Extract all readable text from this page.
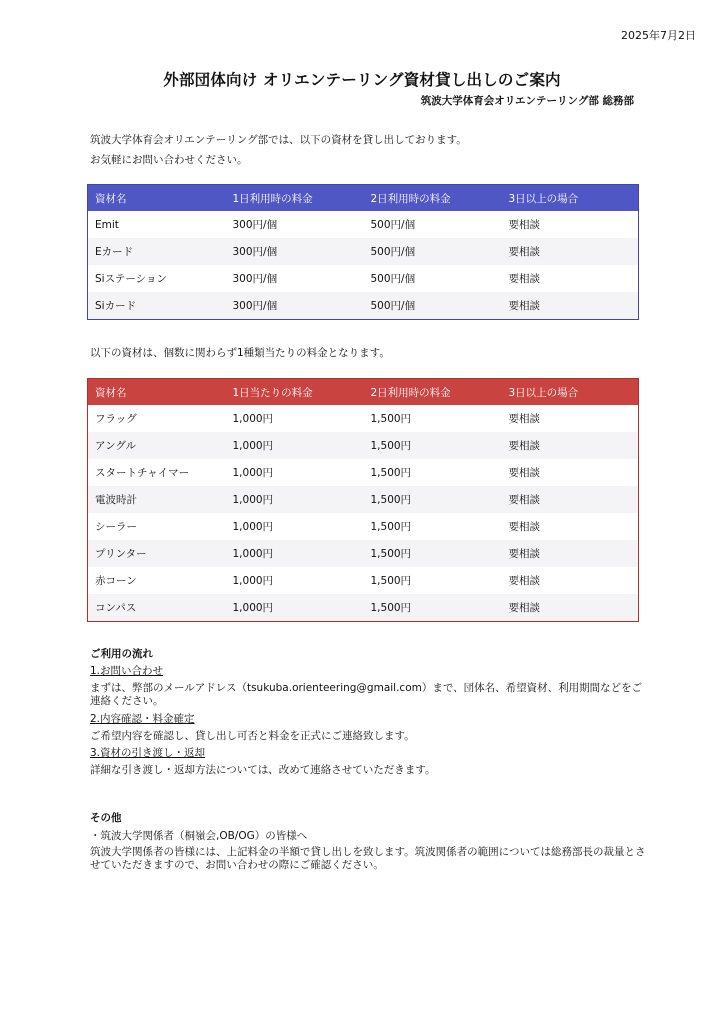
2025年7月2日
外部団体向け オリエンテーリング資材貸し出しのご案内
筑波大学体育会オリエンテーリング部 総務部
筑波大学体育会オリエンテーリング部では、以下の資材を貸し出しております。
お気軽にお問い合わせください。
資材名	1日利用時の料金	2日利用時の料金	3日以上の場合
Emit	300円/個	500円/個	要相談
Eカード	300円/個	500円/個	要相談
Siステーション	300円/個	500円/個	要相談
Siカード	300円/個	500円/個	要相談
以下の資材は、個数に関わらず1種類当たりの料金となります。
資材名	1日当たりの料金	2日利用時の料金	3日以上の場合
フラッグ	1,000円	1,500円	要相談
アングル	1,000円	1,500円	要相談
スタートチャイマー	1,000円	1,500円	要相談
電波時計	1,000円	1,500円	要相談
シーラー	1,000円	1,500円	要相談
プリンター	1,000円	1,500円	要相談
赤コーン	1,000円	1,500円	要相談
コンパス	1,000円	1,500円	要相談
ご利用の流れ
1.お問い合わせ
まずは、弊部のメールアドレス（tsukuba.orienteering@gmail.com）まで、団体名、希望資材、利用期間などをご連絡ください。
2.内容確認・料金確定
ご希望内容を確認し、貸し出し可否と料金を正式にご連絡致します。
3.資材の引き渡し・返却
詳細な引き渡し・返却方法については、改めて連絡させていただきます。
その他
・筑波大学関係者（桐嶺会,OB/OG）の皆様へ
筑波大学関係者の皆様には、上記料金の半額で貸し出しを致します。筑波関係者の範囲については総務部長の裁量とさせていただきますので、お問い合わせの際にご確認ください。
